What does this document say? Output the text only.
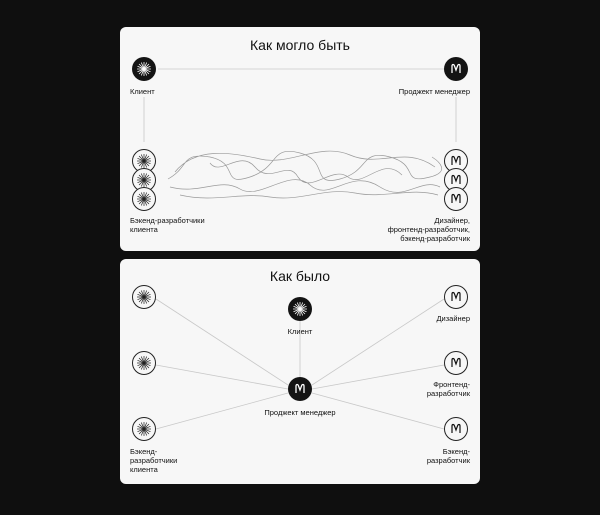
Как могло быть
Клиент	Проджект менеджер
Бэкенд-разработчики
клиента
Дизайнер,
фронтенд-разработчик,
бэкенд-разработчик
Как было
Клиент
Проджект менеджер
Бэкенд-
разработчики
клиента
Дизайнер
Фронтенд-
разработчик
Бэкенд-
разработчик
